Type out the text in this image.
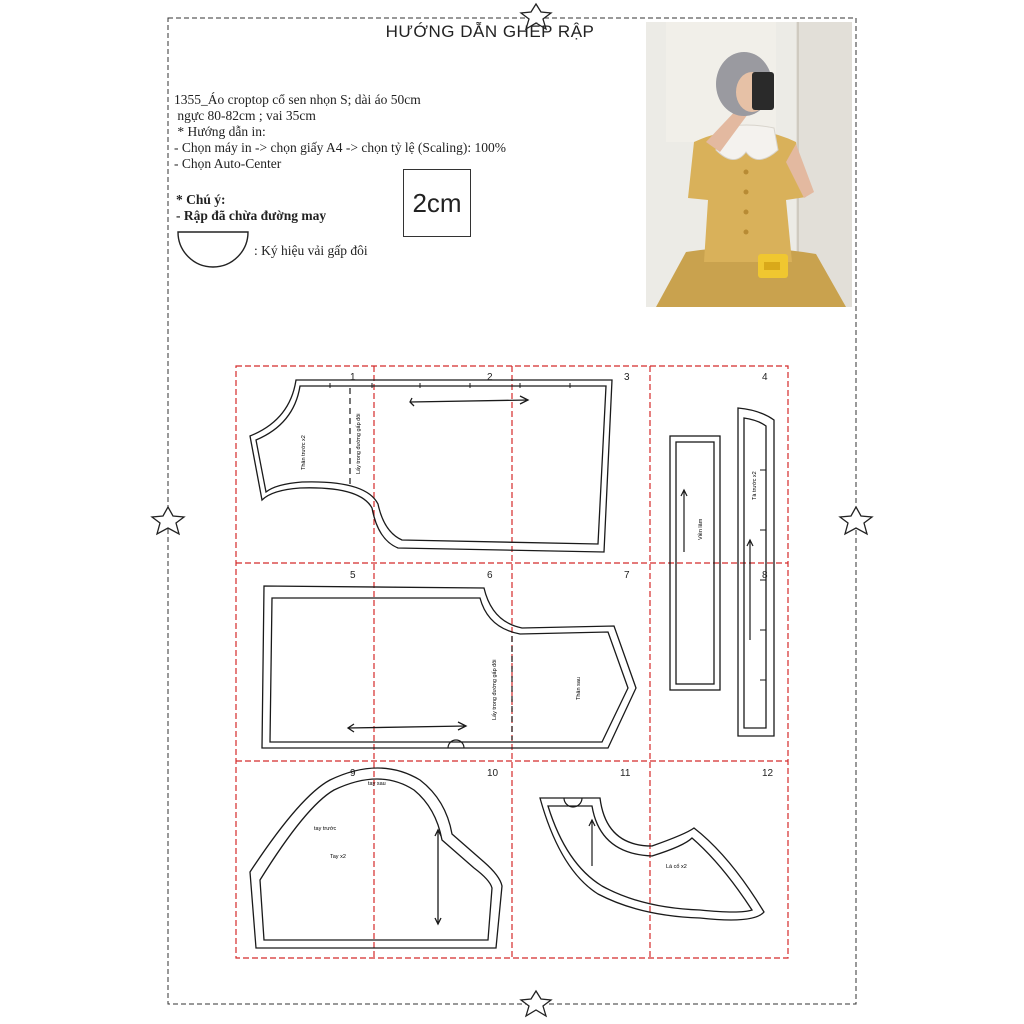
Thân trước x2	Lấy trong đường gấp đôi
Lấy trong đường gấp đôi	Thân sau
Viền lăm
Tà trước x2
tay sau
tay trước
Tay x2
Lá cổ x2
1	2	3	4
5	6	7	8
9	10	11	12
HƯỚNG DẪN GHÉP RẬP
1355_Áo croptop cổ sen nhọn S; dài áo 50cm
ngực 80-82cm ; vai 35cm
* Hướng dẫn in:
- Chọn máy in -> chọn giấy A4 -> chọn tỷ lệ (Scaling): 100%
- Chọn Auto-Center
* Chú ý:
- Rập đã chừa đường may
: Ký hiệu vải gấp đôi
2cm
